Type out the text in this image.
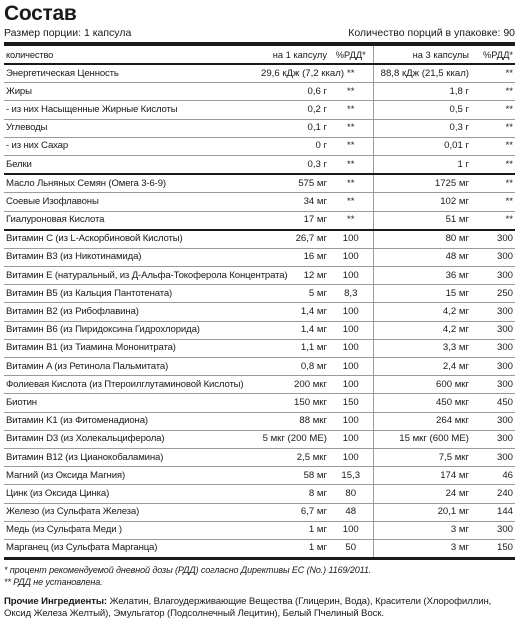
Состав
Размер порции: 1 капсула	Количество порций в упаковке: 90
количество	на 1 капсулу	%РДД*	на 3 капсулы	%РДД*
Энергетическая Ценность	29,6 кДж (7,2 ккал)	**	88,8 кДж (21,5 ккал)	**
Жиры	0,6 г	**	1,8 г	**
- из них Насыщенные Жирные Кислоты	0,2 г	**	0,5 г	**
Углеводы	0,1 г	**	0,3 г	**
- из них Сахар	0 г	**	0,01 г	**
Белки	0,3 г	**	1 г	**
Масло Льняных Семян (Омега 3-6-9)	575 мг	**	1725 мг	**
Соевые Изофлавоны	34 мг	**	102 мг	**
Гиалуроновая Кислота	17 мг	**	51 мг	**
Витамин C (из L-Аскорбиновой Кислоты)	26,7 мг	100	80 мг	300
Витамин B3 (из Никотинамида)	16 мг	100	48 мг	300
Витамин E (натуральный, из Д-Альфа-Токоферола Концентрата)	12 мг	100	36 мг	300
Витамин B5 (из Кальция Пантотената)	5 мг	8,3	15 мг	250
Витамин B2 (из Рибофлавина)	1,4 мг	100	4,2 мг	300
Витамин B6 (из Пиридоксина Гидрохлорида)	1,4 мг	100	4,2 мг	300
Витамин B1 (из Тиамина Мононитрата)	1,1 мг	100	3,3 мг	300
Витамин A (из Ретинола Пальмитата)	0,8 мг	100	2,4 мг	300
Фолиевая Кислота (из Птероилглутаминовой Кислоты)	200 мкг	100	600 мкг	300
Биотин	150 мкг	150	450 мкг	450
Витамин K1 (из Фитоменадиона)	88 мкг	100	264 мкг	300
Витамин D3 (из Холекальциферола)	5 мкг (200 МЕ)	100	15 мкг (600 МЕ)	300
Витамин B12 (из Цианокобаламина)	2,5 мкг	100	7,5 мкг	300
Магний (из Оксида Магния)	58 мг	15,3	174 мг	46
Цинк (из Оксида Цинка)	8 мг	80	24 мг	240
Железо (из Сульфата Железа)	6,7 мг	48	20,1 мг	144
Медь (из Сульфата Меди )	1 мг	100	3 мг	300
Марганец (из Сульфата Марганца)	1 мг	50	3 мг	150
* процент рекомендуемой дневной дозы (РДД) согласно Директивы ЕС (No.) 1169/2011.
** РДД не установлена.
Прочие Ингредиенты: Желатин, Влагоудерживающие Вещества (Глицерин, Вода), Красители (Хлорофиллин, Оксид Железа Желтый), Эмульгатор (Подсолнечный Лецитин), Белый Пчелиный Воск.
